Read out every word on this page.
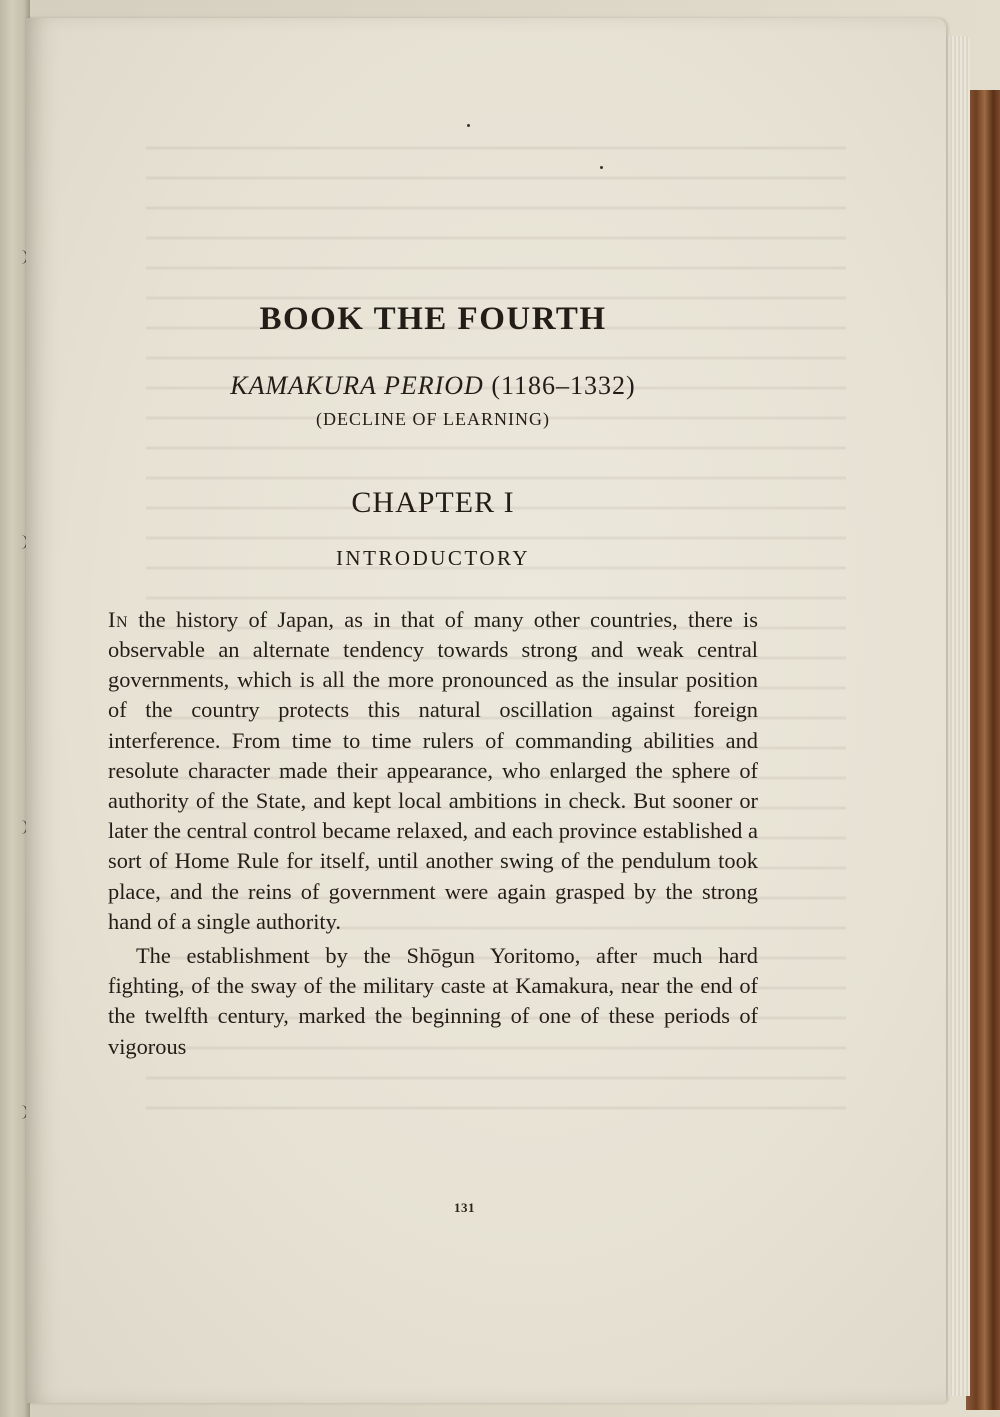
BOOK THE FOURTH
KAMAKURA PERIOD (1186–1332)
(DECLINE OF LEARNING)
CHAPTER I
INTRODUCTORY

In the history of Japan, as in that of many other countries, there is observable an alternate tendency towards strong and weak central governments, which is all the more pronounced as the insular position of the country protects this natural oscillation against foreign interference. From time to time rulers of commanding abilities and resolute character made their appearance, who enlarged the sphere of authority of the State, and kept local ambitions in check. But sooner or later the central control became relaxed, and each province established a sort of Home Rule for itself, until another swing of the pendulum took place, and the reins of government were again grasped by the strong hand of a single authority.

The establishment by the Shōgun Yoritomo, after much hard fighting, of the sway of the military caste at Kamakura, near the end of the twelfth century, marked the beginning of one of these periods of vigorous

131
